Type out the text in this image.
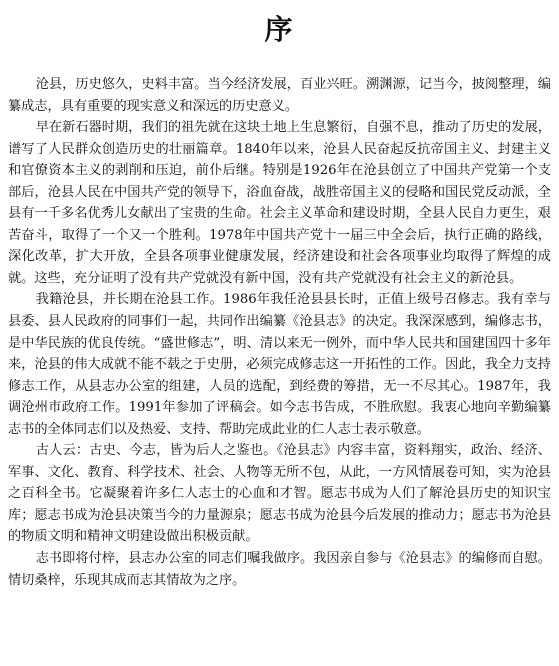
序

沧县，历史悠久，史料丰富。当今经济发展，百业兴旺。溯渊源，记当今，披阅整理，编纂成志，具有重要的现实意义和深远的历史意义。

早在新石器时期，我们的祖先就在这块土地上生息繁衍，自强不息，推动了历史的发展，谱写了人民群众创造历史的壮丽篇章。1840年以来，沧县人民奋起反抗帝国主义、封建主义和官僚资本主义的剥削和压迫，前仆后继。特别是1926年在沧县创立了中国共产党第一个支部后，沧县人民在中国共产党的领导下，浴血奋战，战胜帝国主义的侵略和国民党反动派，全县有一千多名优秀儿女献出了宝贵的生命。社会主义革命和建设时期，全县人民自力更生，艰苦奋斗，取得了一个又一个胜利。1978年中国共产党十一届三中全会后，执行正确的路线，深化改革，扩大开放，全县各项事业健康发展，经济建设和社会各项事业均取得了辉煌的成就。这些，充分证明了没有共产党就没有新中国，没有共产党就没有社会主义的新沧县。

我籍沧县，并长期在沧县工作。1986年我任沧县县长时，正值上级号召修志。我有幸与县委、县人民政府的同事们一起，共同作出编纂《沧县志》的决定。我深深感到，编修志书，是中华民族的优良传统。“盛世修志”，明、清以来无一例外，而中华人民共和国建国四十多年来，沧县的伟大成就不能不载之于史册，必须完成修志这一开拓性的工作。因此，我全力支持修志工作，从县志办公室的组建，人员的选配，到经费的筹措，无一不尽其心。1987年，我调沧州市政府工作。1991年参加了评稿会。如今志书告成，不胜欣慰。我衷心地向辛勤编纂志书的全体同志们以及热爱、支持、帮助完成此业的仁人志士表示敬意。

古人云：古史、今志，皆为后人之鉴也。《沧县志》内容丰富，资料翔实，政治、经济、军事、文化、教育、科学技术、社会、人物等无所不包，从此，一方风情展卷可知，实为沧县之百科全书。它凝聚着许多仁人志士的心血和才智。愿志书成为人们了解沧县历史的知识宝库；愿志书成为沧县决策当今的力量源泉；愿志书成为沧县今后发展的推动力；愿志书为沧县的物质文明和精神文明建设做出积极贡献。

志书即将付梓，县志办公室的同志们嘱我做序。我因亲自参与《沧县志》的编修而自慰。情切桑梓，乐现其成而志其情故为之序。
